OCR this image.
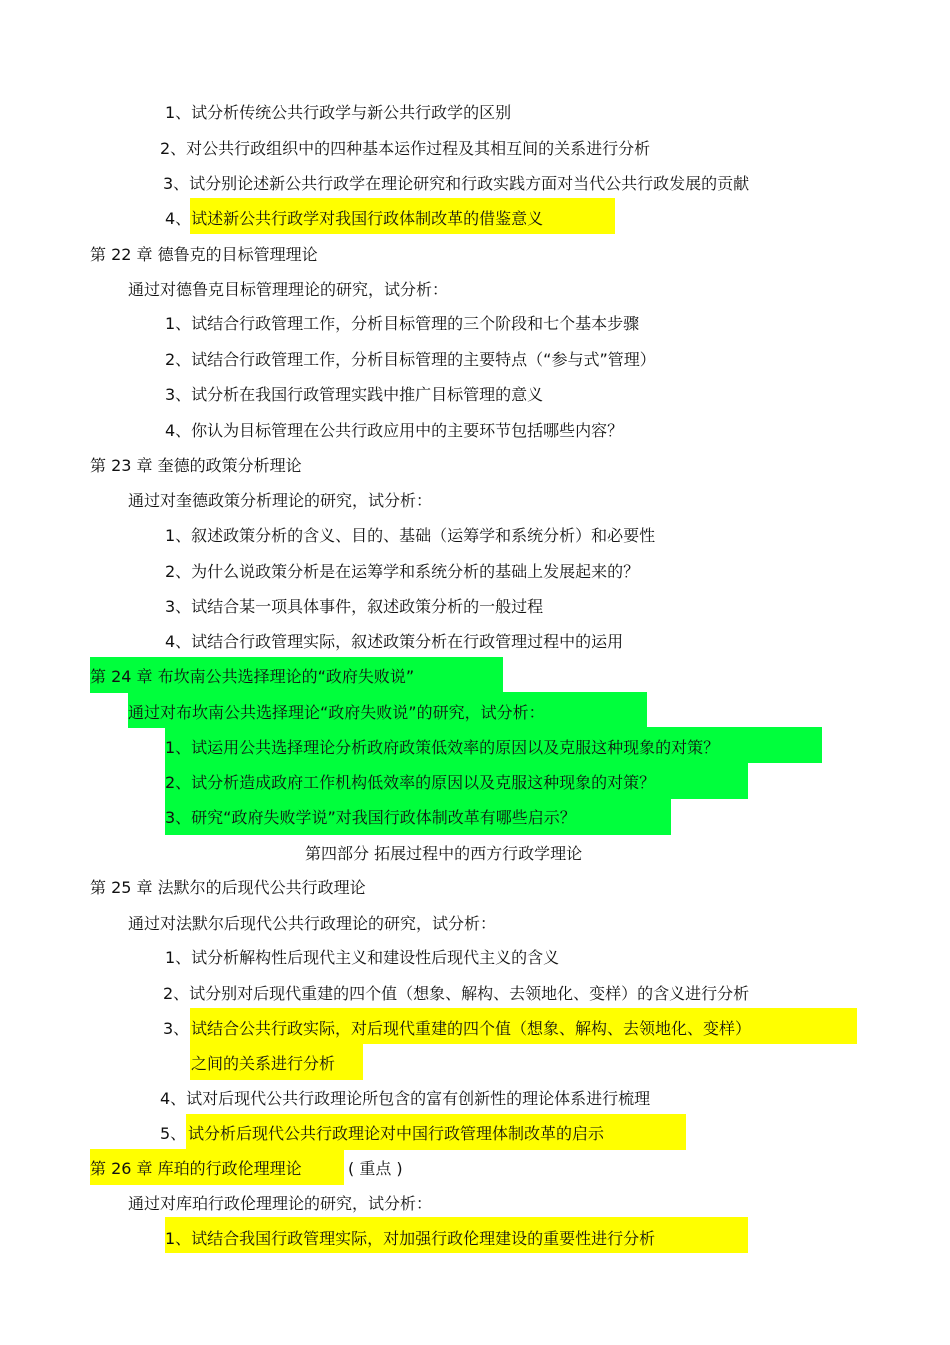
1、试分析传统公共行政学与新公共行政学的区别
2、对公共行政组织中的四种基本运作过程及其相互间的关系进行分析
3、试分别论述新公共行政学在理论研究和行政实践方面对当代公共行政发展的贡献
4、试述新公共行政学对我国行政体制改革的借鉴意义
第 22 章 德鲁克的目标管理理论
通过对德鲁克目标管理理论的研究，试分析：
1、试结合行政管理工作，分析目标管理的三个阶段和七个基本步骤
2、试结合行政管理工作，分析目标管理的主要特点（“参与式”管理）
3、试分析在我国行政管理实践中推广目标管理的意义
4、你认为目标管理在公共行政应用中的主要环节包括哪些内容？
第 23 章 奎德的政策分析理论
通过对奎德政策分析理论的研究，试分析：
1、叙述政策分析的含义、目的、基础（运筹学和系统分析）和必要性
2、为什么说政策分析是在运筹学和系统分析的基础上发展起来的？
3、试结合某一项具体事件，叙述政策分析的一般过程
4、试结合行政管理实际，叙述政策分析在行政管理过程中的运用
第 24 章 布坎南公共选择理论的“政府失败说”
通过对布坎南公共选择理论“政府失败说”的研究，试分析：
1、试运用公共选择理论分析政府政策低效率的原因以及克服这种现象的对策？
2、试分析造成政府工作机构低效率的原因以及克服这种现象的对策？
3、研究“政府失败学说”对我国行政体制改革有哪些启示？
第四部分 拓展过程中的西方行政学理论
第 25 章 法默尔的后现代公共行政理论
通过对法默尔后现代公共行政理论的研究，试分析：
1、试分析解构性后现代主义和建设性后现代主义的含义
2、试分别对后现代重建的四个值（想象、解构、去领地化、变样）的含义进行分析
3、 试结合公共行政实际，对后现代重建的四个值（想象、解构、去领地化、变样）
之间的关系进行分析
4、试对后现代公共行政理论所包含的富有创新性的理论体系进行梳理
5、 试分析后现代公共行政理论对中国行政管理体制改革的启示
第 26 章 库珀的行政伦理理论	( 重点 )
通过对库珀行政伦理理论的研究，试分析：
1、试结合我国行政管理实际，对加强行政伦理建设的重要性进行分析
